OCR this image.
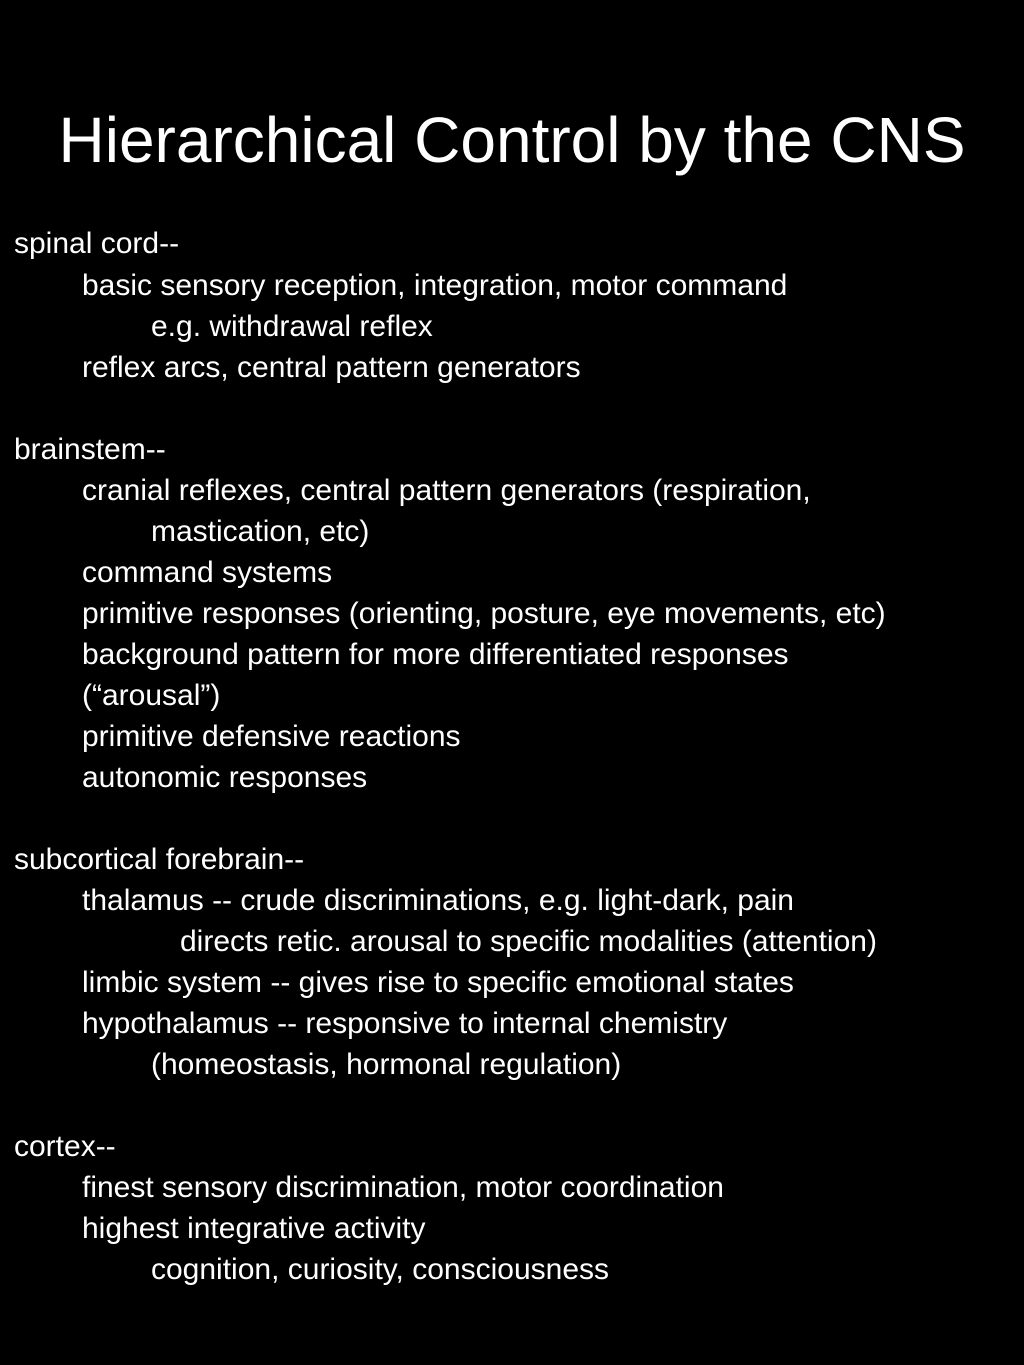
Hierarchical Control by the CNS
spinal cord--
basic sensory reception, integration, motor command
e.g. withdrawal reflex
reflex arcs, central pattern generators
brainstem--
cranial reflexes, central pattern generators (respiration,
mastication, etc)
command systems
primitive responses (orienting, posture, eye movements, etc)
background pattern for more differentiated responses
(“arousal”)
primitive defensive reactions
autonomic responses
subcortical forebrain--
thalamus -- crude discriminations, e.g. light-dark, pain
directs retic. arousal to specific modalities (attention)
limbic system -- gives rise to specific emotional states
hypothalamus -- responsive to internal chemistry
(homeostasis, hormonal regulation)
cortex--
finest sensory discrimination, motor coordination
highest integrative activity
cognition, curiosity, consciousness
